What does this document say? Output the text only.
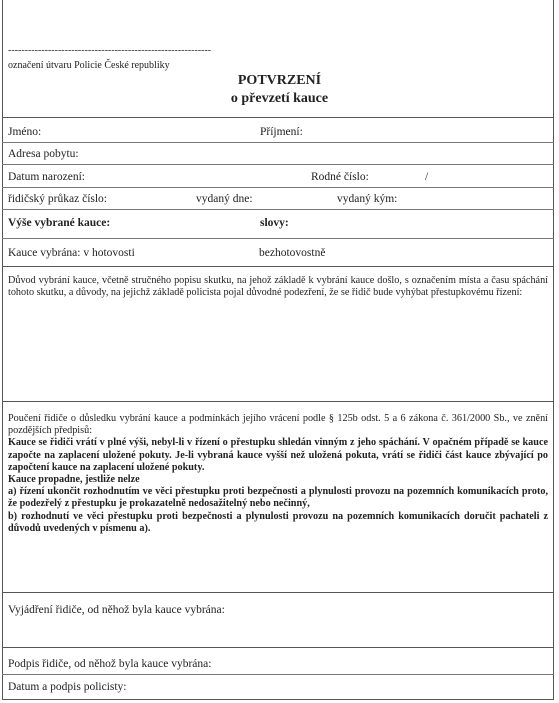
-------------------------------------------------------------
označení útvaru Policie České republiky
POTVRZENÍ
o převzetí kauce
Jméno:	Příjmení:
Adresa pobytu:
Datum narození:	Rodné číslo:	/
řidičský průkaz číslo:	vydaný dne:	vydaný kým:
Výše vybrané kauce:	slovy:
Kauce vybrána: v hotovosti	bezhotovostně
Důvod vybrání kauce, včetně stručného popisu skutku, na jehož základě k vybrání kauce došlo, s označením místa a času spáchání tohoto skutku, a důvody, na jejichž základě policista pojal důvodné podezření, že se řidič bude vyhýbat přestupkovému řízení:
Poučení řidiče o důsledku vybrání kauce a podmínkách jejího vrácení podle § 125b odst. 5 a 6 zákona č. 361/2000 Sb., ve znění pozdějších předpisů:
Kauce se řidiči vrátí v plné výši, nebyl-li v řízení o přestupku shledán vinným z jeho spáchání. V opačném případě se kauce započte na zaplacení uložené pokuty. Je-li vybraná kauce vyšší než uložená pokuta, vrátí se řidiči část kauce zbývající po započtení kauce na zaplacení uložené pokuty.
Kauce propadne, jestliže nelze
a) řízení ukončit rozhodnutím ve věci přestupku proti bezpečnosti a plynulosti provozu na pozemních komunikacích proto, že podezřelý z přestupku je prokazatelně nedosažitelný nebo nečinný,
b) rozhodnutí ve věci přestupku proti bezpečnosti a plynulosti provozu na pozemních komunikacích doručit pachateli z důvodů uvedených v písmenu a).
Vyjádření řidiče, od něhož byla kauce vybrána:
Podpis řidiče, od něhož byla kauce vybrána:
Datum a podpis policisty:
